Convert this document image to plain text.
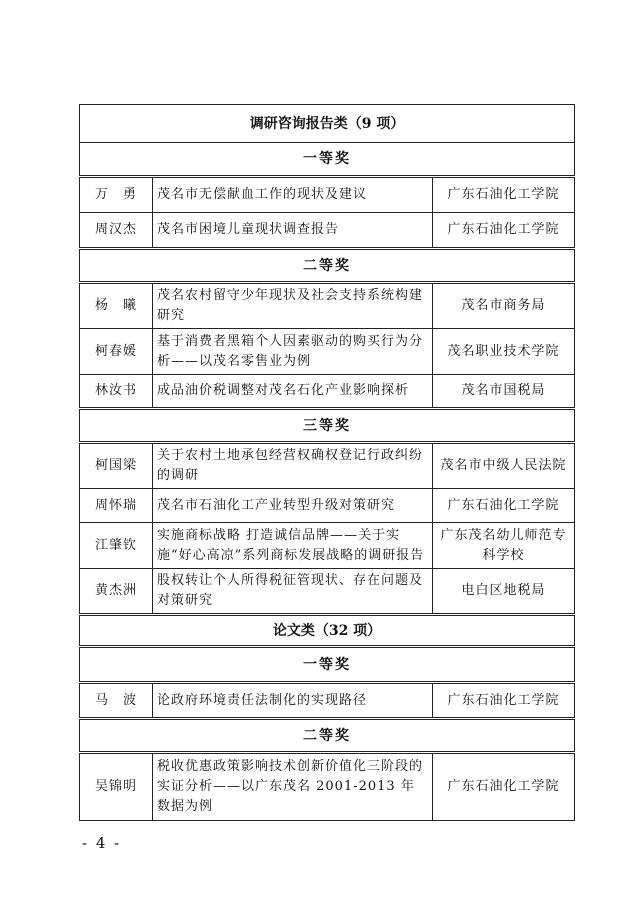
调研咨询报告类（9 项）		
一等奖		
万　勇	茂名市无偿献血工作的现状及建议	广东石油化工学院
周汉杰	茂名市困境儿童现状调查报告	广东石油化工学院
二等奖		
杨　曦	茂名农村留守少年现状及社会支持系统构建研究	茂名市商务局
柯春媛	基于消费者黑箱个人因素驱动的购买行为分析——以茂名零售业为例	茂名职业技术学院
林汝书	成品油价税调整对茂名石化产业影响探析	茂名市国税局
三等奖		
柯国梁	关于农村土地承包经营权确权登记行政纠纷的调研	茂名市中级人民法院
周怀瑞	茂名市石油化工产业转型升级对策研究	广东石油化工学院
江肇钦	实施商标战略 打造诚信品牌——关于实施“好心高凉”系列商标发展战略的调研报告	广东茂名幼儿师范专科学校
黄杰洲	股权转让个人所得税征管现状、存在问题及对策研究	电白区地税局
论文类（32 项）		
一等奖		
马　波	论政府环境责任法制化的实现路径	广东石油化工学院
二等奖		
吴锦明	税收优惠政策影响技术创新价值化三阶段的实证分析——以广东茂名 2001-2013 年数据为例	广东石油化工学院
- 4 -
